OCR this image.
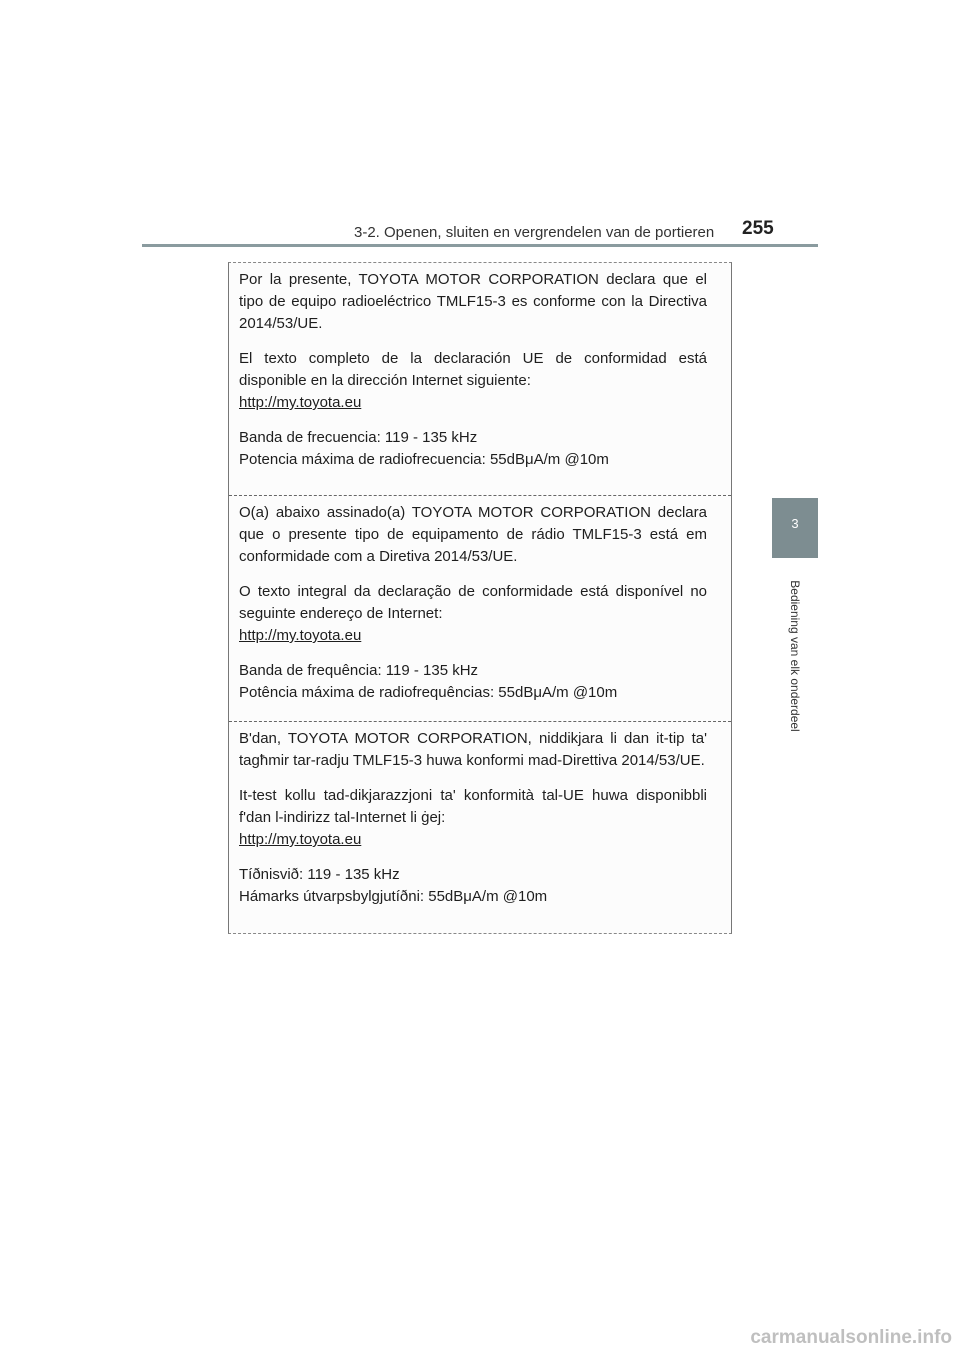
3-2. Openen, sluiten en vergrendelen van de portieren 255
3
Bediening van elk onderdeel

Por la presente, TOYOTA MOTOR CORPORATION declara que el tipo de equipo radioeléctrico TMLF15-3 es conforme con la Directiva 2014/53/UE.

El texto completo de la declaración UE de conformidad está disponible en la dirección Internet siguiente:
http://my.toyota.eu

Banda de frecuencia: 119 - 135 kHz
Potencia máxima de radiofrecuencia: 55dBμA/m @10m

O(a) abaixo assinado(a) TOYOTA MOTOR CORPORATION declara que o presente tipo de equipamento de rádio TMLF15-3 está em conformidade com a Diretiva 2014/53/UE.

O texto integral da declaração de conformidade está disponível no seguinte endereço de Internet:
http://my.toyota.eu

Banda de frequência: 119 - 135 kHz
Potência máxima de radiofrequências: 55dBμA/m @10m

B'dan, TOYOTA MOTOR CORPORATION, niddikjara li dan it-tip ta' tagħmir tar-radju TMLF15-3 huwa konformi mad-Direttiva 2014/53/UE.

It-test kollu tad-dikjarazzjoni ta' konformità tal-UE huwa disponibbli f'dan l-indirizz tal-Internet li ġej:
http://my.toyota.eu

Tíðnisvið: 119 - 135 kHz
Hámarks útvarpsbylgjutíðni: 55dBμA/m @10m

carmanualsonline.info
